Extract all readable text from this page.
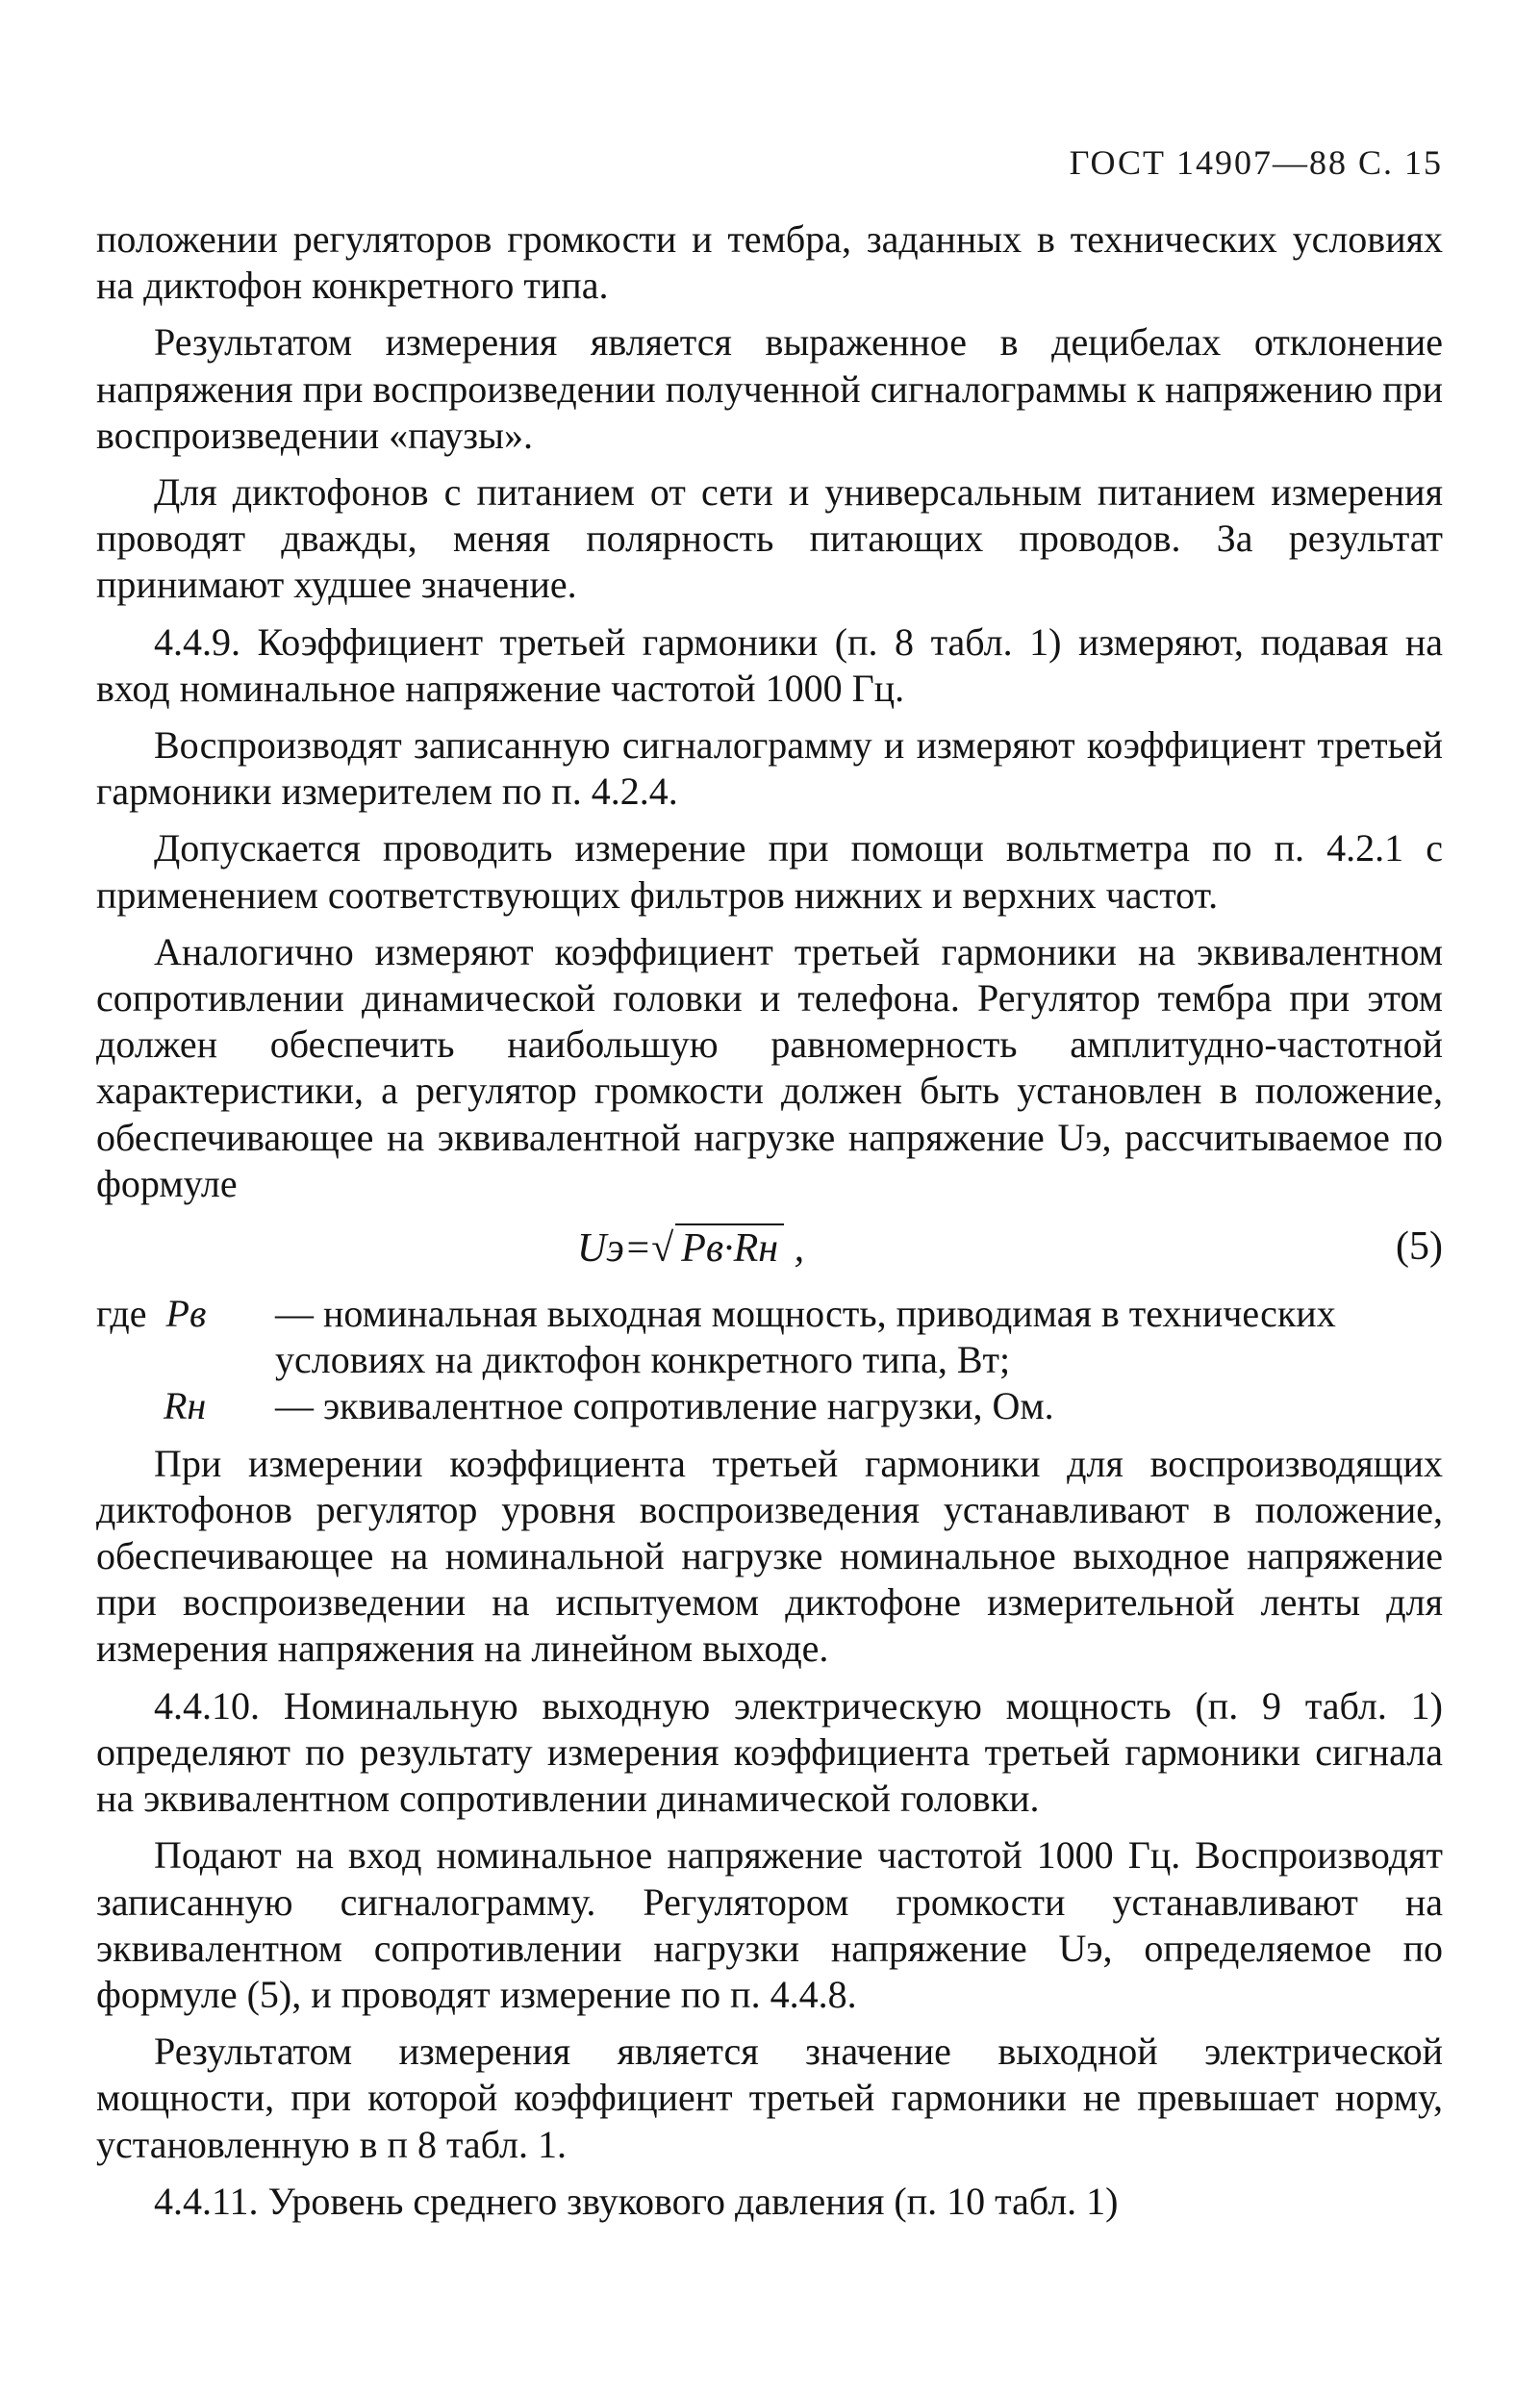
ГОСТ 14907—88 С. 15

положении регуляторов громкости и тембра, заданных в технических условиях на диктофон конкретного типа.

Результатом измерения является выраженное в децибелах отклонение напряжения при воспроизведении полученной сигналограммы к напряжению при воспроизведении «паузы».

Для диктофонов с питанием от сети и универсальным питанием измерения проводят дважды, меняя полярность питающих проводов. За результат принимают худшее значение.

4.4.9. Коэффициент третьей гармоники (п. 8 табл. 1) измеряют, подавая на вход номинальное напряжение частотой 1000 Гц.

Воспроизводят записанную сигналограмму и измеряют коэффициент третьей гармоники измерителем по п. 4.2.4.

Допускается проводить измерение при помощи вольтметра по п. 4.2.1 с применением соответствующих фильтров нижних и верхних частот.

Аналогично измеряют коэффициент третьей гармоники на эквивалентном сопротивлении динамической головки и телефона. Регулятор тембра при этом должен обеспечить наибольшую равномерность амплитудно-частотной характеристики, а регулятор громкости должен быть установлен в положение, обеспечивающее на эквивалентной нагрузке напряжение Uэ, рассчитываемое по формуле

Uэ=√ Pв·Rн ,	(5)
где Pв	— номинальная выходная мощность, приводимая в технических условиях на диктофон конкретного типа, Вт;
Rн	— эквивалентное сопротивление нагрузки, Ом.

При измерении коэффициента третьей гармоники для воспроизводящих диктофонов регулятор уровня воспроизведения устанавливают в положение, обеспечивающее на номинальной нагрузке номинальное выходное напряжение при воспроизведении на испытуемом диктофоне измерительной ленты для измерения напряжения на линейном выходе.

4.4.10. Номинальную выходную электрическую мощность (п. 9 табл. 1) определяют по результату измерения коэффициента третьей гармоники сигнала на эквивалентном сопротивлении динамической головки.

Подают на вход номинальное напряжение частотой 1000 Гц. Воспроизводят записанную сигналограмму. Регулятором громкости устанавливают на эквивалентном сопротивлении нагрузки напряжение Uэ, определяемое по формуле (5), и проводят измерение по п. 4.4.8.

Результатом измерения является значение выходной электрической мощности, при которой коэффициент третьей гармоники не превышает норму, установленную в п 8 табл. 1.

4.4.11. Уровень среднего звукового давления (п. 10 табл. 1)
